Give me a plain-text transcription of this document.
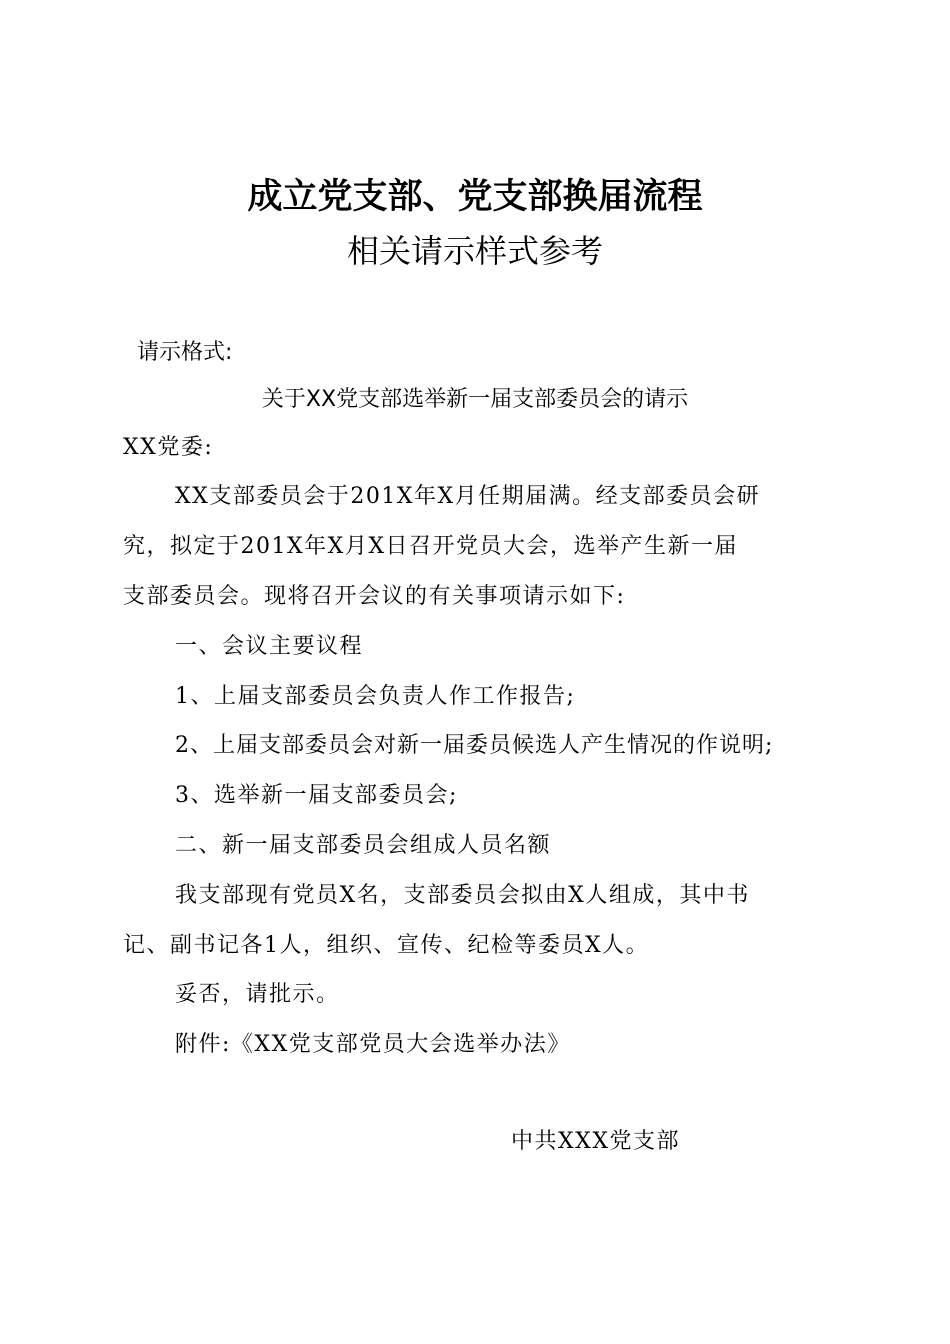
成立党支部、党支部换届流程
相关请示样式参考
请示格式:
关于XX党支部选举新一届支部委员会的请示
XX党委:
XX支部委员会于201X年X月任期届满。经支部委员会研
究，拟定于201X年X月X日召开党员大会，选举产生新一届
支部委员会。现将召开会议的有关事项请示如下:
一、会议主要议程
1、上届支部委员会负责人作工作报告;
2、上届支部委员会对新一届委员候选人产生情况的作说明;
3、选举新一届支部委员会;
二、新一届支部委员会组成人员名额
我支部现有党员X名，支部委员会拟由X人组成，其中书
记、副书记各1人，组织、宣传、纪检等委员X人。
妥否，请批示。
附件:《XX党支部党员大会选举办法》
中共XXX党支部
